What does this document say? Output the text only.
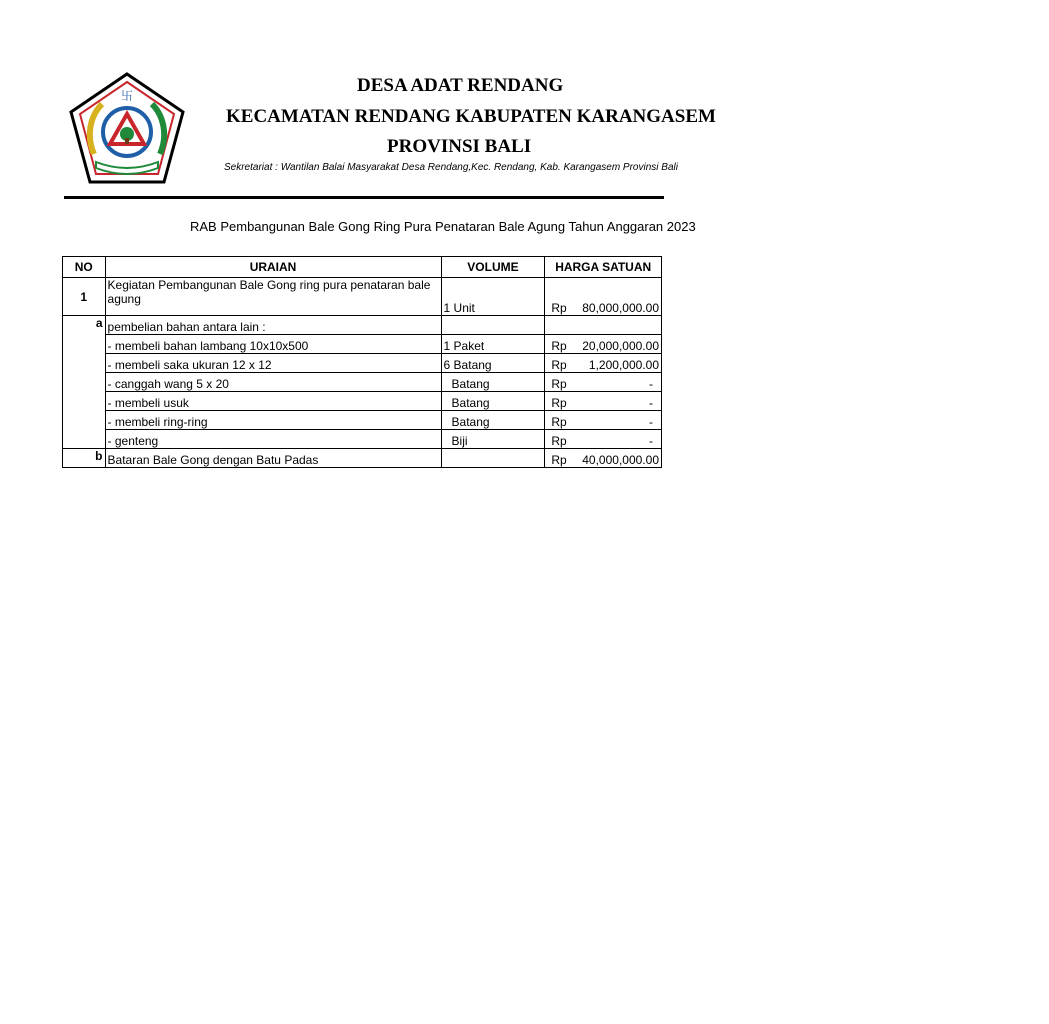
卐	DESA ADAT RENDANG
KECAMATAN RENDANG KABUPATEN KARANGASEM
PROVINSI BALI
Sekretariat : Wantilan Balai Masyarakat Desa Rendang,Kec. Rendang, Kab. Karangasem Provinsi Bali
RAB Pembangunan Bale Gong Ring Pura Penataran Bale Agung Tahun Anggaran 2023
NO	URAIAN	VOLUME	HARGA SATUAN
1	Kegiatan Pembangunan Bale Gong ring pura penataran bale agung	1 Unit	Rp 80,000,000.00

a	pembelian bahan antara lain :		
	- membeli bahan lambang 10x10x500	1 Paket	Rp 20,000,000.00

	- membeli saka ukuran 12 x 12	6 Batang	Rp 1,200,000.00

	- canggah wang 5 x 20	Batang	Rp -

	- membeli usuk	Batang	Rp -

	- membeli ring-ring	Batang	Rp -

	- genteng	Biji	Rp -

b	Bataran Bale Gong dengan Batu Padas		Rp 40,000,000.00
